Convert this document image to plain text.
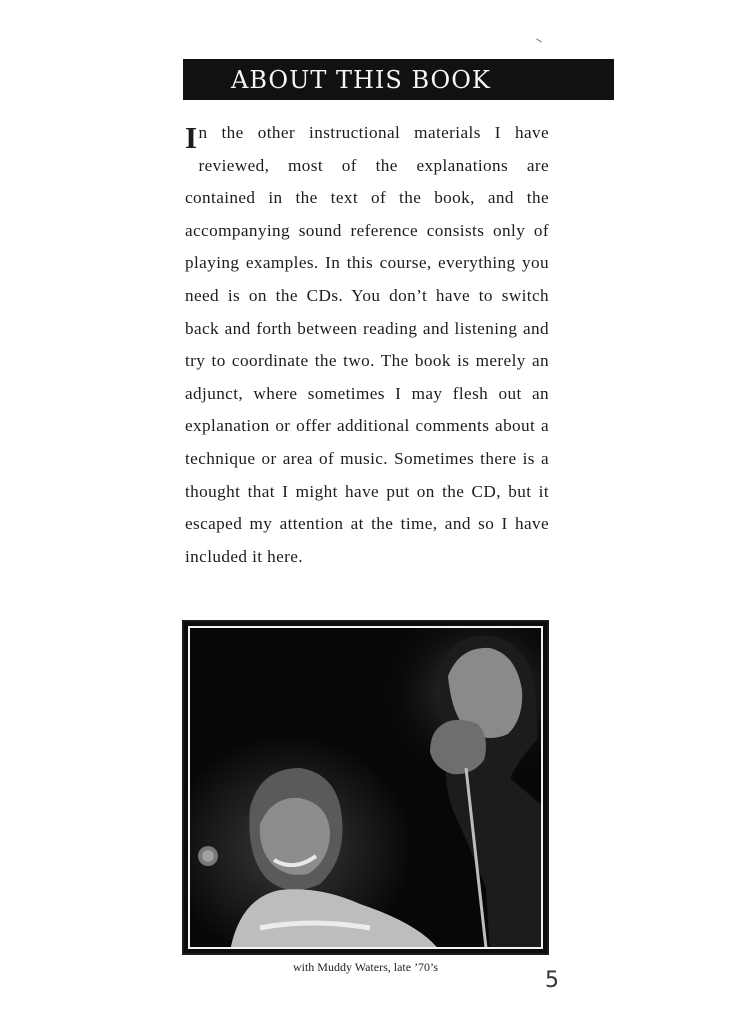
ABOUT THIS BOOK

In the other instructional materials I have reviewed, most of the explanations are contained in the text of the book, and the accompanying sound reference consists only of playing examples. In this course, everything you need is on the CDs. You don’t have to switch back and forth between reading and listening and try to coordinate the two. The book is merely an adjunct, where sometimes I may flesh out an explanation or offer additional comments about a technique or area of music. Sometimes there is a thought that I might have put on the CD, but it escaped my attention at the time, and so I have included it here.

with Muddy Waters, late ’70’s
5
